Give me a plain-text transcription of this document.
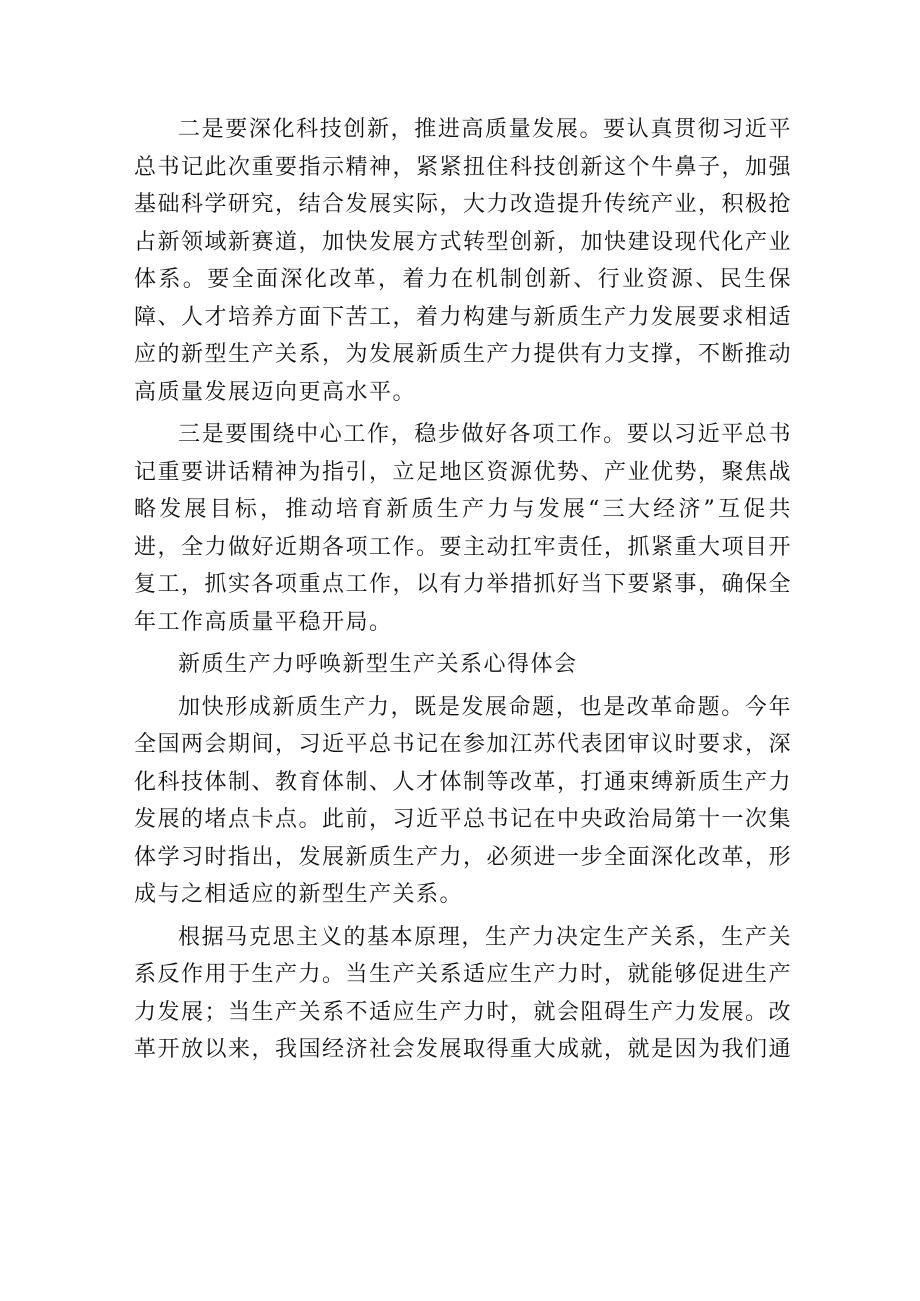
二是要深化科技创新，推进高质量发展。要认真贯彻习近平总书记此次重要指示精神，紧紧扭住科技创新这个牛鼻子，加强基础科学研究，结合发展实际，大力改造提升传统产业，积极抢占新领域新赛道，加快发展方式转型创新，加快建设现代化产业体系。要全面深化改革，着力在机制创新、行业资源、民生保障、人才培养方面下苦工，着力构建与新质生产力发展要求相适应的新型生产关系，为发展新质生产力提供有力支撑，不断推动高质量发展迈向更高水平。

三是要围绕中心工作，稳步做好各项工作。要以习近平总书记重要讲话精神为指引，立足地区资源优势、产业优势，聚焦战略发展目标，推动培育新质生产力与发展“三大经济”互促共进，全力做好近期各项工作。要主动扛牢责任，抓紧重大项目开复工，抓实各项重点工作，以有力举措抓好当下要紧事，确保全年工作高质量平稳开局。

新质生产力呼唤新型生产关系心得体会

加快形成新质生产力，既是发展命题，也是改革命题。今年全国两会期间，习近平总书记在参加江苏代表团审议时要求，深化科技体制、教育体制、人才体制等改革，打通束缚新质生产力发展的堵点卡点。此前，习近平总书记在中央政治局第十一次集体学习时指出，发展新质生产力，必须进一步全面深化改革，形成与之相适应的新型生产关系。

根据马克思主义的基本原理，生产力决定生产关系，生产关系反作用于生产力。当生产关系适应生产力时，就能够促进生产力发展；当生产关系不适应生产力时，就会阻碍生产力发展。改革开放以来，我国经济社会发展取得重大成就，就是因为我们通
